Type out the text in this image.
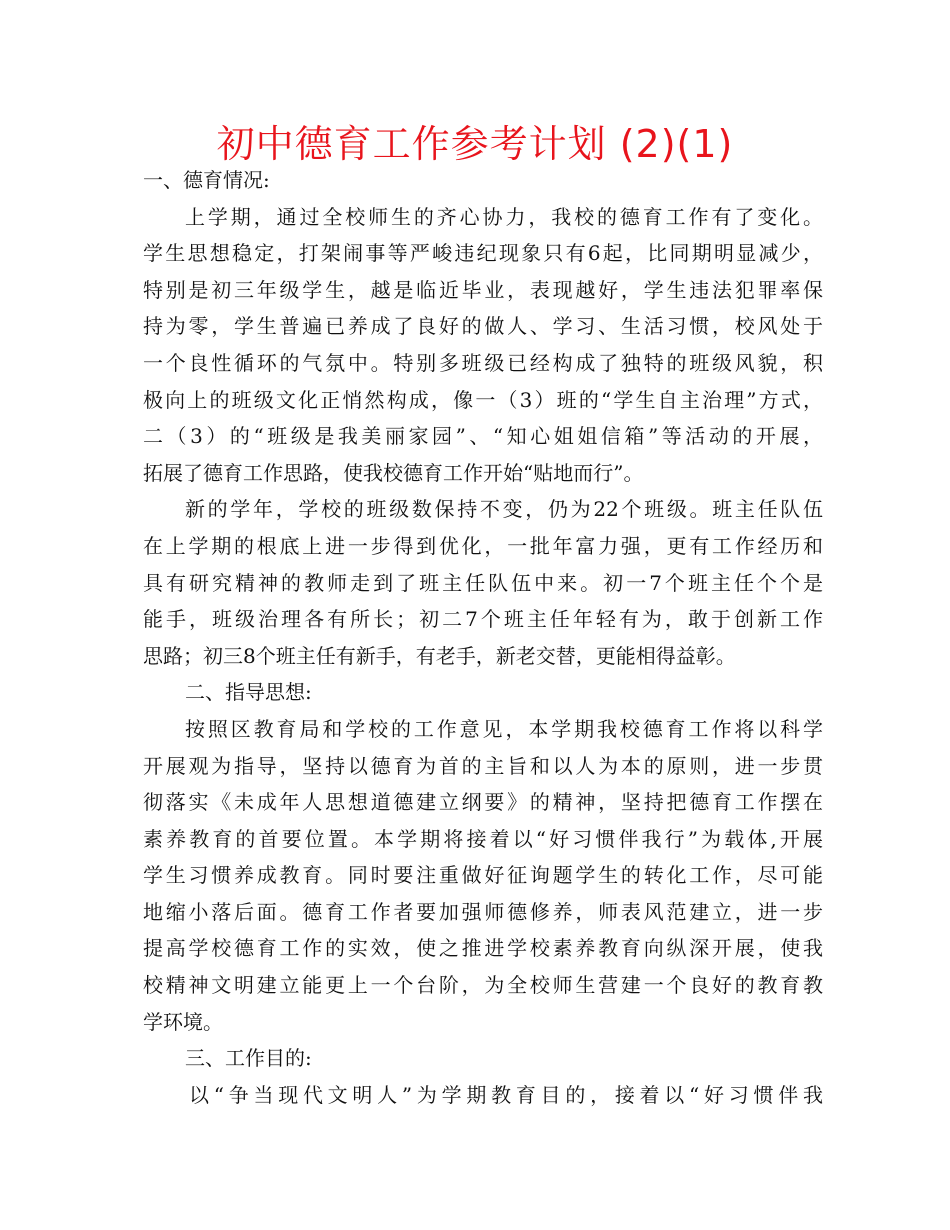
初中德育工作参考计划 (2)(1)
一、德育情况:
上学期，通过全校师生的齐心协力，我校的德育工作有了变化。
学生思想稳定，打架闹事等严峻违纪现象只有6起，比同期明显减少，
特别是初三年级学生，越是临近毕业，表现越好，学生违法犯罪率保
持为零，学生普遍已养成了良好的做人、学习、生活习惯，校风处于
一个良性循环的气氛中。特别多班级已经构成了独特的班级风貌，积
极向上的班级文化正悄然构成，像一（3）班的“学生自主治理”方式，
二（3）的“班级是我美丽家园”、“知心姐姐信箱”等活动的开展，
拓展了德育工作思路，使我校德育工作开始“贴地而行”。
新的学年，学校的班级数保持不变，仍为22个班级。班主任队伍
在上学期的根底上进一步得到优化，一批年富力强，更有工作经历和
具有研究精神的教师走到了班主任队伍中来。初一7个班主任个个是
能手，班级治理各有所长；初二7个班主任年轻有为，敢于创新工作
思路；初三8个班主任有新手，有老手，新老交替，更能相得益彰。
二、指导思想:
按照区教育局和学校的工作意见，本学期我校德育工作将以科学
开展观为指导，坚持以德育为首的主旨和以人为本的原则，进一步贯
彻落实《未成年人思想道德建立纲要》的精神，坚持把德育工作摆在
素养教育的首要位置。本学期将接着以“好习惯伴我行”为载体,开展
学生习惯养成教育。同时要注重做好征询题学生的转化工作，尽可能
地缩小落后面。德育工作者要加强师德修养，师表风范建立，进一步
提高学校德育工作的实效，使之推进学校素养教育向纵深开展，使我
校精神文明建立能更上一个台阶，为全校师生营建一个良好的教育教
学环境。
三、工作目的:
以“争当现代文明人”为学期教育目的，接着以“好习惯伴我
